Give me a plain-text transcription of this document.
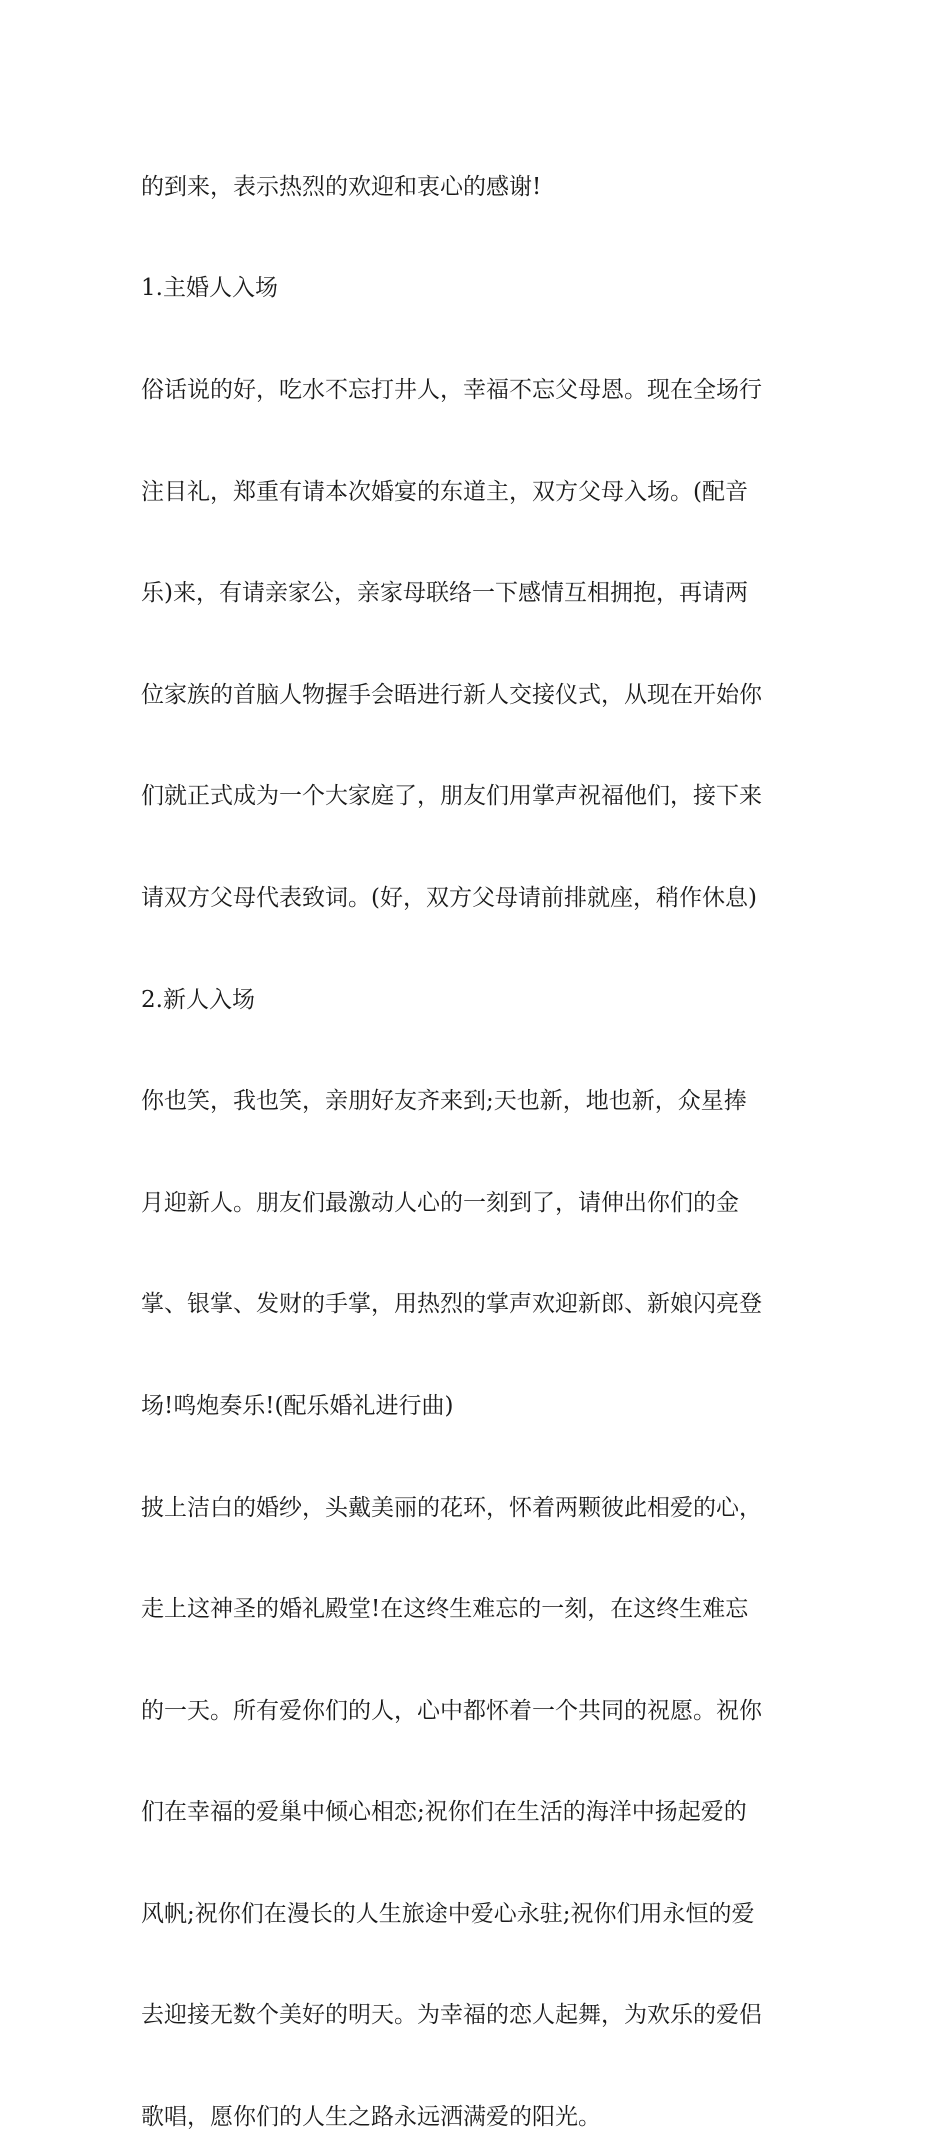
的到来，表示热烈的欢迎和衷心的感谢!

1.主婚人入场

俗话说的好，吃水不忘打井人，幸福不忘父母恩。现在全场行

注目礼，郑重有请本次婚宴的东道主，双方父母入场。(配音

乐)来，有请亲家公，亲家母联络一下感情互相拥抱，再请两

位家族的首脑人物握手会晤进行新人交接仪式，从现在开始你

们就正式成为一个大家庭了，朋友们用掌声祝福他们，接下来

请双方父母代表致词。(好，双方父母请前排就座，稍作休息)

2.新人入场

你也笑，我也笑，亲朋好友齐来到;天也新，地也新，众星捧

月迎新人。朋友们最激动人心的一刻到了，请伸出你们的金

掌、银掌、发财的手掌，用热烈的掌声欢迎新郎、新娘闪亮登

场!鸣炮奏乐!(配乐婚礼进行曲)

披上洁白的婚纱，头戴美丽的花环，怀着两颗彼此相爱的心，

走上这神圣的婚礼殿堂!在这终生难忘的一刻，在这终生难忘

的一天。所有爱你们的人，心中都怀着一个共同的祝愿。祝你

们在幸福的爱巢中倾心相恋;祝你们在生活的海洋中扬起爱的

风帆;祝你们在漫长的人生旅途中爱心永驻;祝你们用永恒的爱

去迎接无数个美好的明天。为幸福的恋人起舞，为欢乐的爱侣

歌唱，愿你们的人生之路永远洒满爱的阳光。
